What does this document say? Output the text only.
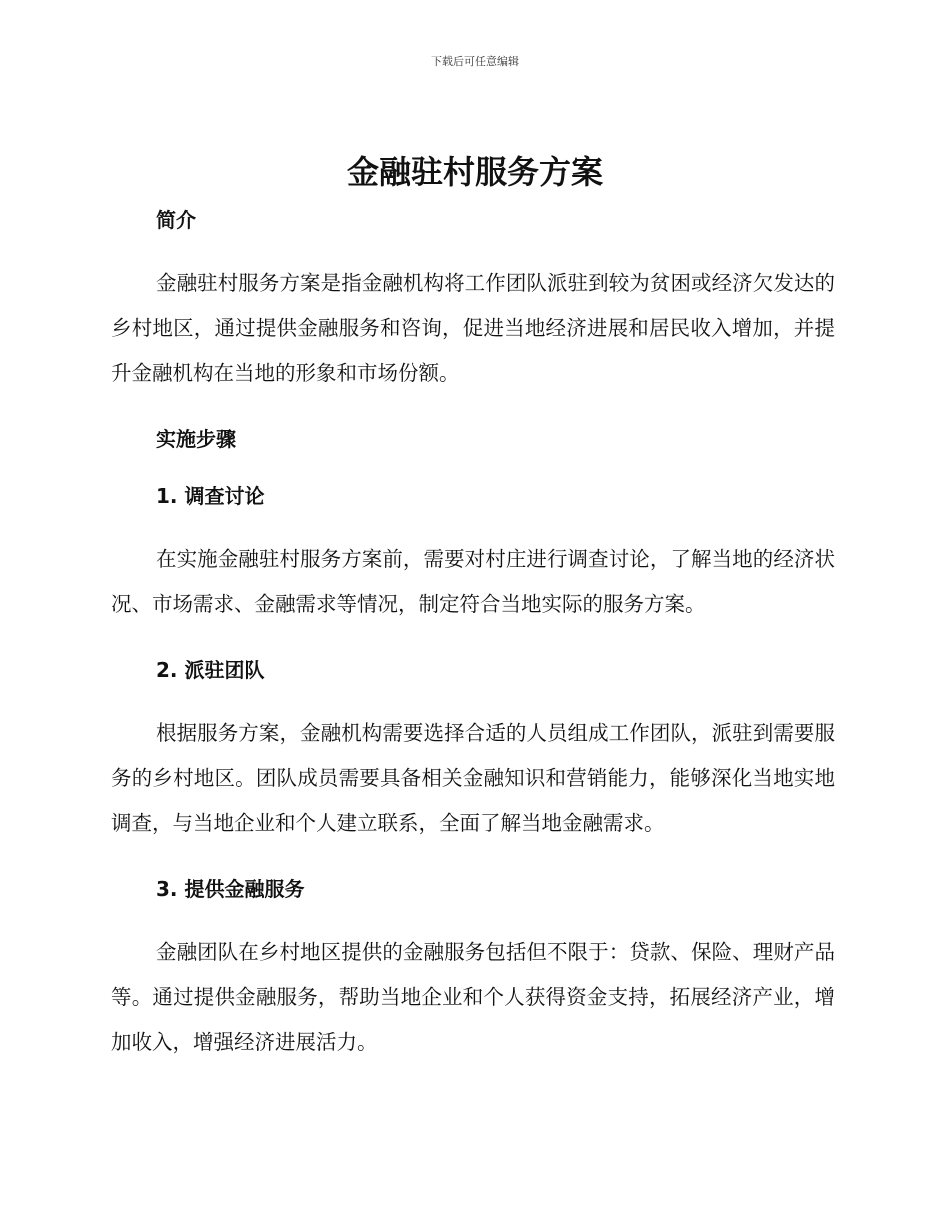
下载后可任意编辑
金融驻村服务方案
简介

金融驻村服务方案是指金融机构将工作团队派驻到较为贫困或经济欠发达的乡村地区，通过提供金融服务和咨询，促进当地经济进展和居民收入增加，并提升金融机构在当地的形象和市场份额。

实施步骤
1. 调查讨论

在实施金融驻村服务方案前，需要对村庄进行调查讨论，了解当地的经济状况、市场需求、金融需求等情况，制定符合当地实际的服务方案。

2. 派驻团队

根据服务方案，金融机构需要选择合适的人员组成工作团队，派驻到需要服务的乡村地区。团队成员需要具备相关金融知识和营销能力，能够深化当地实地调查，与当地企业和个人建立联系，全面了解当地金融需求。

3. 提供金融服务

金融团队在乡村地区提供的金融服务包括但不限于：贷款、保险、理财产品等。通过提供金融服务，帮助当地企业和个人获得资金支持，拓展经济产业，增加收入，增强经济进展活力。
